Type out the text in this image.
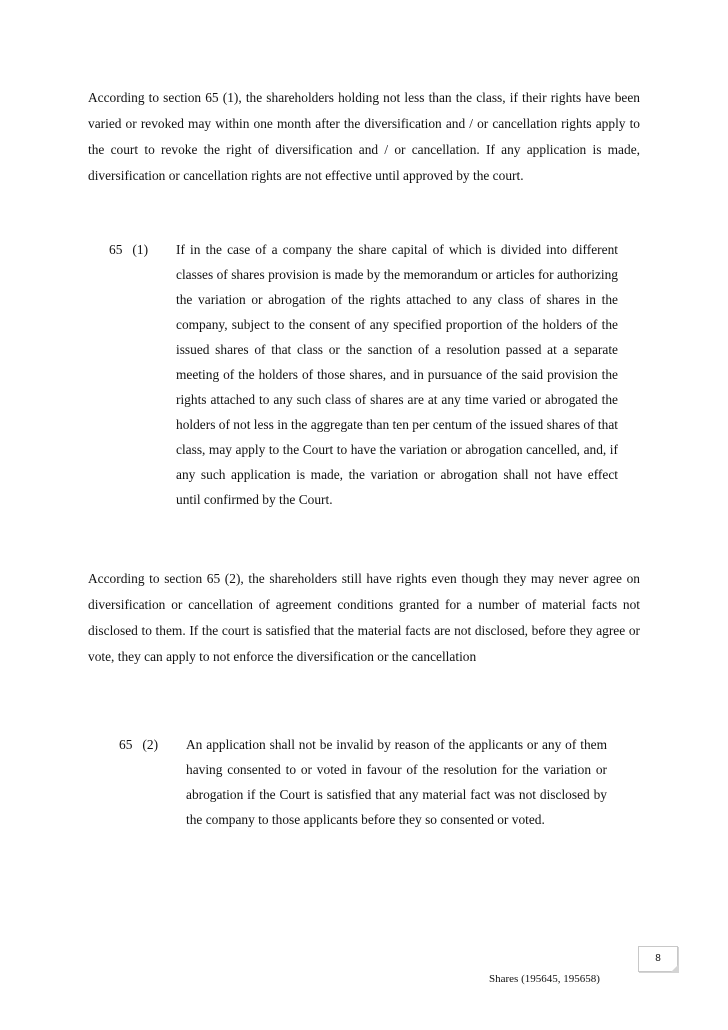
According to section 65 (1), the shareholders holding not less than the class, if their rights have been varied or revoked may within one month after the diversification and / or cancellation rights apply to the court to revoke the right of diversification and / or cancellation. If any application is made, diversification or cancellation rights are not effective until approved by the court.

65   (1) If in the case of a company the share capital of which is divided into different classes of shares provision is made by the memorandum or articles for authorizing the variation or abrogation of the rights attached to any class of shares in the company, subject to the consent of any specified proportion of the holders of the issued shares of that class or the sanction of a resolution passed at a separate meeting of the holders of those shares, and in pursuance of the said provision the rights attached to any such class of shares are at any time varied or abrogated the holders of not less in the aggregate than ten per centum of the issued shares of that class, may apply to the Court to have the variation or abrogation cancelled, and, if any such application is made, the variation or abrogation shall not have effect until confirmed by the Court.

According to section 65 (2), the shareholders still have rights even though they may never agree on diversification or cancellation of agreement conditions granted for a number of material facts not disclosed to them. If the court is satisfied that the material facts are not disclosed, before they agree or vote, they can apply to not enforce the diversification or the cancellation

65   (2) An application shall not be invalid by reason of the applicants or any of them having consented to or voted in favour of the resolution for the variation or abrogation if the Court is satisfied that any material fact was not disclosed by the company to those applicants before they so consented or voted.

8
Shares (195645, 195658)
